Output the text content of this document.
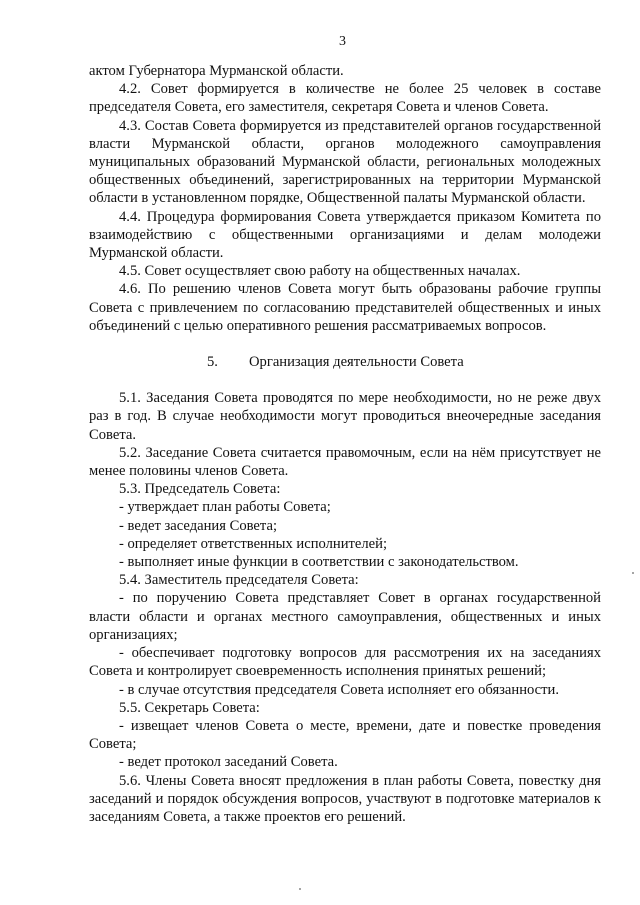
3

актом Губернатора Мурманской области.

4.2. Совет формируется в количестве не более 25 человек в составе председателя Совета, его заместителя, секретаря Совета и членов Совета.

4.3. Состав Совета формируется из представителей органов государственной власти Мурманской области, органов молодежного самоуправления муниципальных образований Мурманской области, региональных молодежных общественных объединений, зарегистрированных на территории Мурманской области в установленном порядке, Общественной палаты Мурманской области.

4.4. Процедура формирования Совета утверждается приказом Комитета по взаимодействию с общественными организациями и делам молодежи Мурманской области.

4.5. Совет осуществляет свою работу на общественных началах.

4.6. По решению членов Совета могут быть образованы рабочие группы Совета с привлечением по согласованию представителей общественных и иных объединений с целью оперативного решения рассматриваемых вопросов.

5. Организация деятельности Совета

5.1. Заседания Совета проводятся по мере необходимости, но не реже двух раз в год. В случае необходимости могут проводиться внеочередные заседания Совета.

5.2. Заседание Совета считается правомочным, если на нём присутствует не менее половины членов Совета.

5.3. Председатель Совета:

- утверждает план работы Совета;

- ведет заседания Совета;

- определяет ответственных исполнителей;

- выполняет иные функции в соответствии с законодательством.

5.4. Заместитель председателя Совета:

- по поручению Совета представляет Совет в органах государственной власти области и органах местного самоуправления, общественных и иных организациях;

- обеспечивает подготовку вопросов для рассмотрения их на заседаниях Совета и контролирует своевременность исполнения принятых решений;

- в случае отсутствия председателя Совета исполняет его обязанности.

5.5. Секретарь Совета:

- извещает членов Совета о месте, времени, дате и повестке проведения Совета;

- ведет протокол заседаний Совета.

5.6. Члены Совета вносят предложения в план работы Совета, повестку дня заседаний и порядок обсуждения вопросов, участвуют в подготовке материалов к заседаниям Совета, а также проектов его решений.
